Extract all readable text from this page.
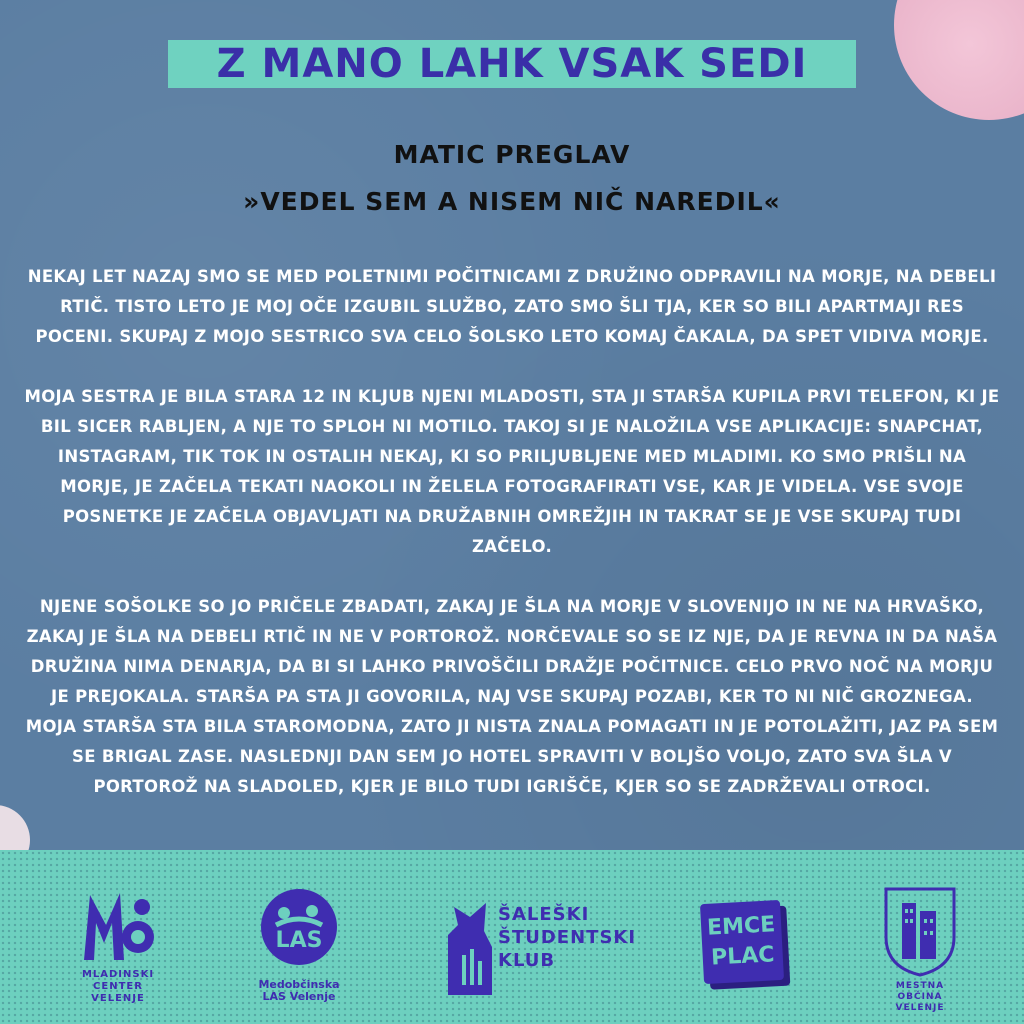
Z MANO LAHK VSAK SEDI
MATIC PREGLAV
»VEDEL SEM A NISEM NIČ NAREDIL«

NEKAJ LET NAZAJ SMO SE MED POLETNIMI POČITNICAMI Z DRUŽINO ODPRAVILI NA MORJE, NA DEBELI RTIČ. TISTO LETO JE MOJ OČE IZGUBIL SLUŽBO, ZATO SMO ŠLI TJA, KER SO BILI APARTMAJI RES POCENI. SKUPAJ Z MOJO SESTRICO SVA CELO ŠOLSKO LETO KOMAJ ČAKALA, DA SPET VIDIVA MORJE.

MOJA SESTRA JE BILA STARA 12 IN KLJUB NJENI MLADOSTI, STA JI STARŠA KUPILA PRVI TELEFON, KI JE BIL SICER RABLJEN, A NJE TO SPLOH NI MOTILO. TAKOJ SI JE NALOŽILA VSE APLIKACIJE: SNAPCHAT, INSTAGRAM, TIK TOK IN OSTALIH NEKAJ, KI SO PRILJUBLJENE MED MLADIMI. KO SMO PRIŠLI NA MORJE, JE ZAČELA TEKATI NAOKOLI IN ŽELELA FOTOGRAFIRATI VSE, KAR JE VIDELA. VSE SVOJE POSNETKE JE ZAČELA OBJAVLJATI NA DRUŽABNIH OMREŽJIH IN TAKRAT SE JE VSE SKUPAJ TUDI ZAČELO.

NJENE SOŠOLKE SO JO PRIČELE ZBADATI, ZAKAJ JE ŠLA NA MORJE V SLOVENIJO IN NE NA HRVAŠKO, ZAKAJ JE ŠLA NA DEBELI RTIČ IN NE V PORTOROŽ. NORČEVALE SO SE IZ NJE, DA JE REVNA IN DA NAŠA DRUŽINA NIMA DENARJA, DA BI SI LAHKO PRIVOŠČILI DRAŽJE POČITNICE. CELO PRVO NOČ NA MORJU JE PREJOKALA. STARŠA PA STA JI GOVORILA, NAJ VSE SKUPAJ POZABI, KER TO NI NIČ GROZNEGA. MOJA STARŠA STA BILA STAROMODNA, ZATO JI NISTA ZNALA POMAGATI IN JE POTOLAŽITI, JAZ PA SEM SE BRIGAL ZASE. NASLEDNJI DAN SEM JO HOTEL SPRAVITI V BOLJŠO VOLJO, ZATO SVA ŠLA V PORTOROŽ NA SLADOLED, KJER JE BILO TUDI IGRIŠČE, KJER SO SE ZADRŽEVALI OTROCI.

MLADINSKI CENTER VELENJE
LAS
Medobčinska LAS Velenje
ŠALEŠKI
ŠTUDENTSKI
KLUB
EMCE
PLAC
MESTNA OBČINA VELENJE
